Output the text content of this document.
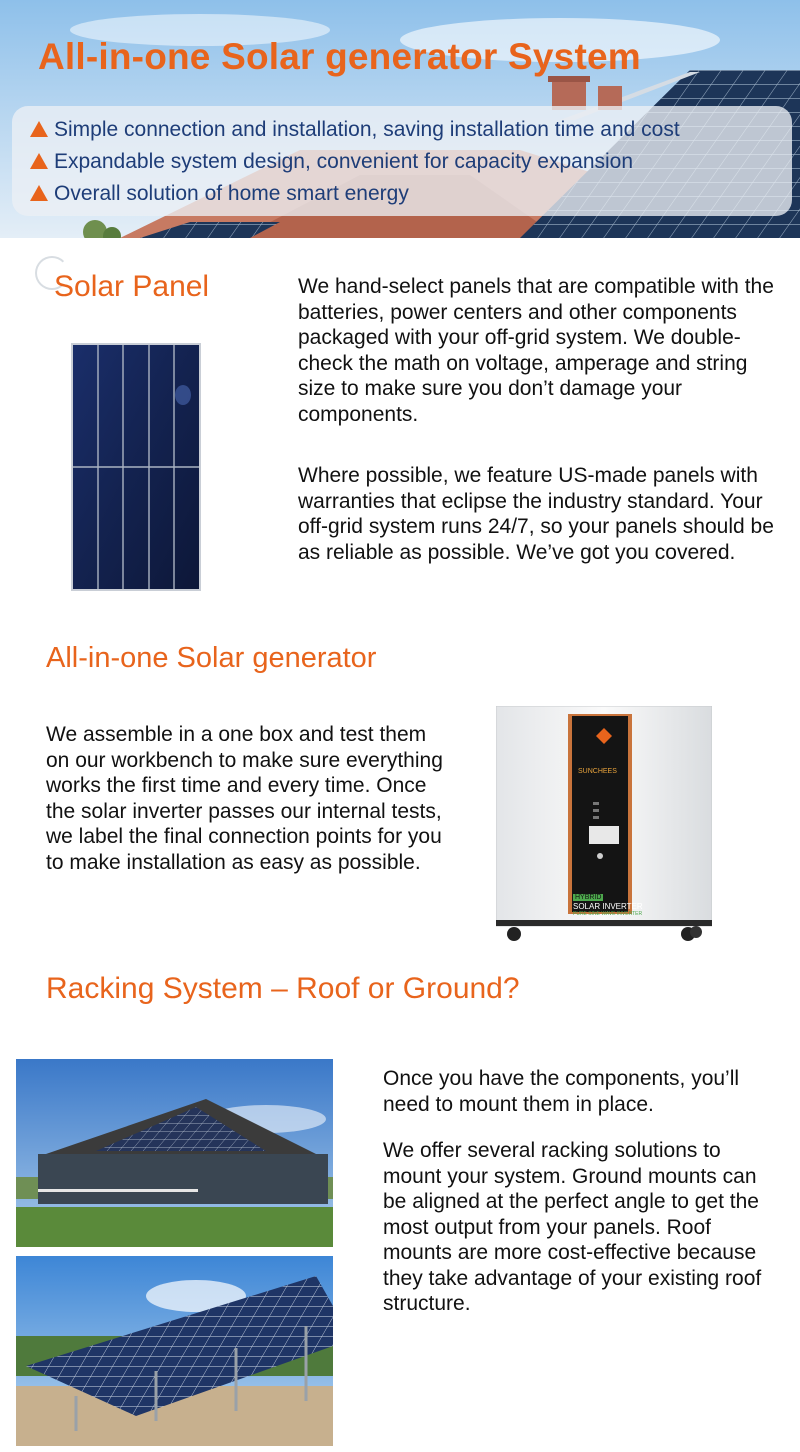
All-in-one Solar generator System
Simple connection and installation, saving installation time and cost
Expandable system design, convenient for capacity expansion
Overall solution of home smart energy
Solar Panel	We hand-select panels that are compatible with the batteries, power centers and other components packaged with your off-grid system. We double-check the math on voltage, amperage and string size to make sure you don’t damage your components.
Where possible, we feature US-made panels with warranties that eclipse the industry standard. Your off-grid system runs 24/7, so your panels should be as reliable as possible. We’ve got you covered.
All-in-one Solar generator
We assemble in a one box and test them on our workbench to make sure everything works the first time and every time. Once the solar inverter passes our internal tests, we label the final connection points for you to make installation as easy as possible.
SUNCHEES
HYBRID
SOLAR INVERTER
PURE SINE WAVE INVERTER
Racking System – Roof or Ground?
Once you have the components, you’ll need to mount them in place.
We offer several racking solutions to mount your system. Ground mounts can be aligned at the perfect angle to get the most output from your panels. Roof mounts are more cost-effective because they take advantage of your existing roof structure.
